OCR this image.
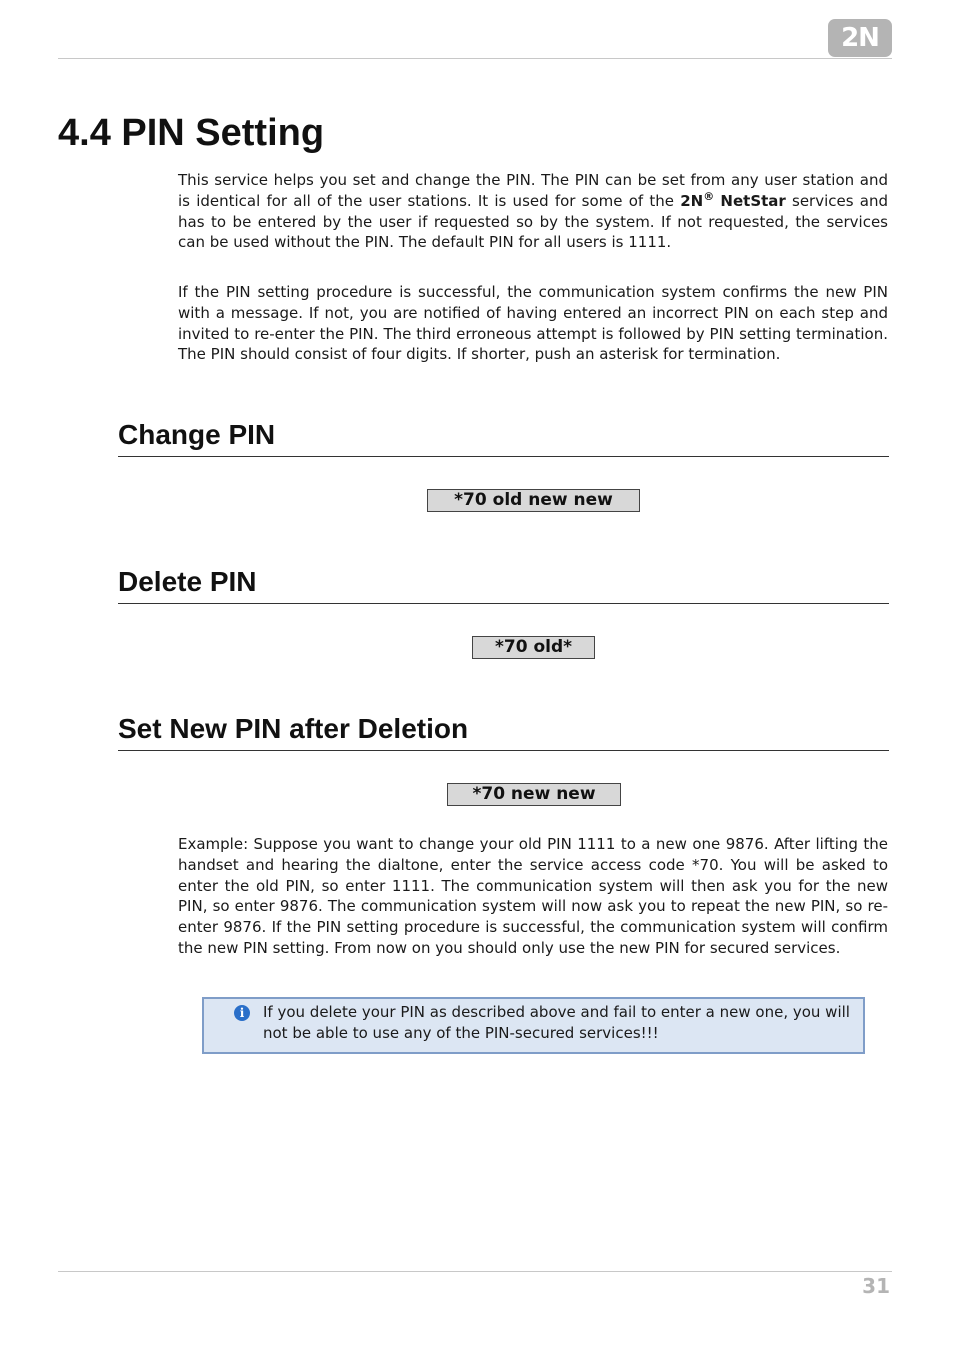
2N
4.4 PIN Setting

This service helps you set and change the PIN. The PIN can be set from any user station and is identical for all of the user stations. It is used for some of the 2N® NetStar services and has to be entered by the user if requested so by the system. If not requested, the services can be used without the PIN. The default PIN for all users is 1111.

If the PIN setting procedure is successful, the communication system confirms the new PIN with a message. If not, you are notified of having entered an incorrect PIN on each step and invited to re-enter the PIN. The third erroneous attempt is followed by PIN setting termination. The PIN should consist of four digits. If shorter, push an asterisk for termination.

Change PIN
*70 old new new
Delete PIN
*70 old*
Set New PIN after Deletion
*70 new new

Example: Suppose you want to change your old PIN 1111 to a new one 9876. After lifting the handset and hearing the dialtone, enter the service access code *70. You will be asked to enter the old PIN, so enter 1111. The communication system will then ask you for the new PIN, so enter 9876. The communication system will now ask you to repeat the new PIN, so re-enter 9876. If the PIN setting procedure is successful, the communication system will confirm the new PIN setting. From now on you should only use the new PIN for secured services.

i	If you delete your PIN as described above and fail to enter a new one, you will not be able to use any of the PIN-secured services!!!

31
